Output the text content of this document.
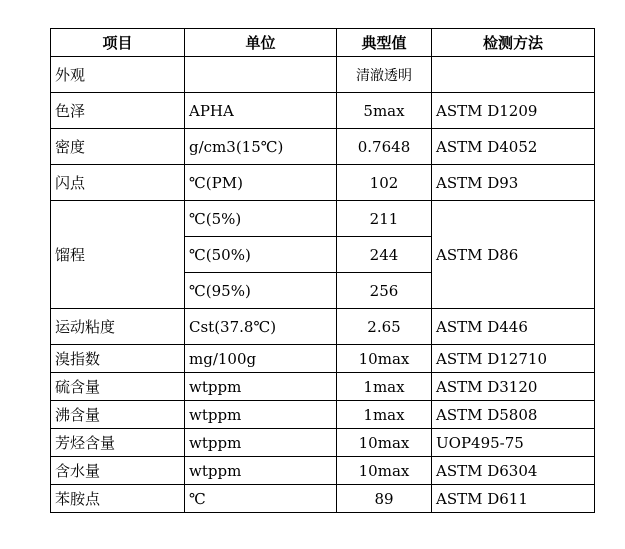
项目	单位	典型值	检测方法
外观		清澈透明	
色泽	APHA	5max	ASTM D1209
密度	g/cm3(15℃)	0.7648	ASTM D4052
闪点	℃(PM)	102	ASTM D93
馏程	℃(5%)	211	ASTM D86
	℃(50%)	244	
	℃(95%)	256	
运动粘度	Cst(37.8℃)	2.65	ASTM D446
溴指数	mg/100g	10max	ASTM D12710
硫含量	wtppm	1max	ASTM D3120
沸含量	wtppm	1max	ASTM D5808
芳烃含量	wtppm	10max	UOP495-75
含水量	wtppm	10max	ASTM D6304
苯胺点	℃	89	ASTM D611
